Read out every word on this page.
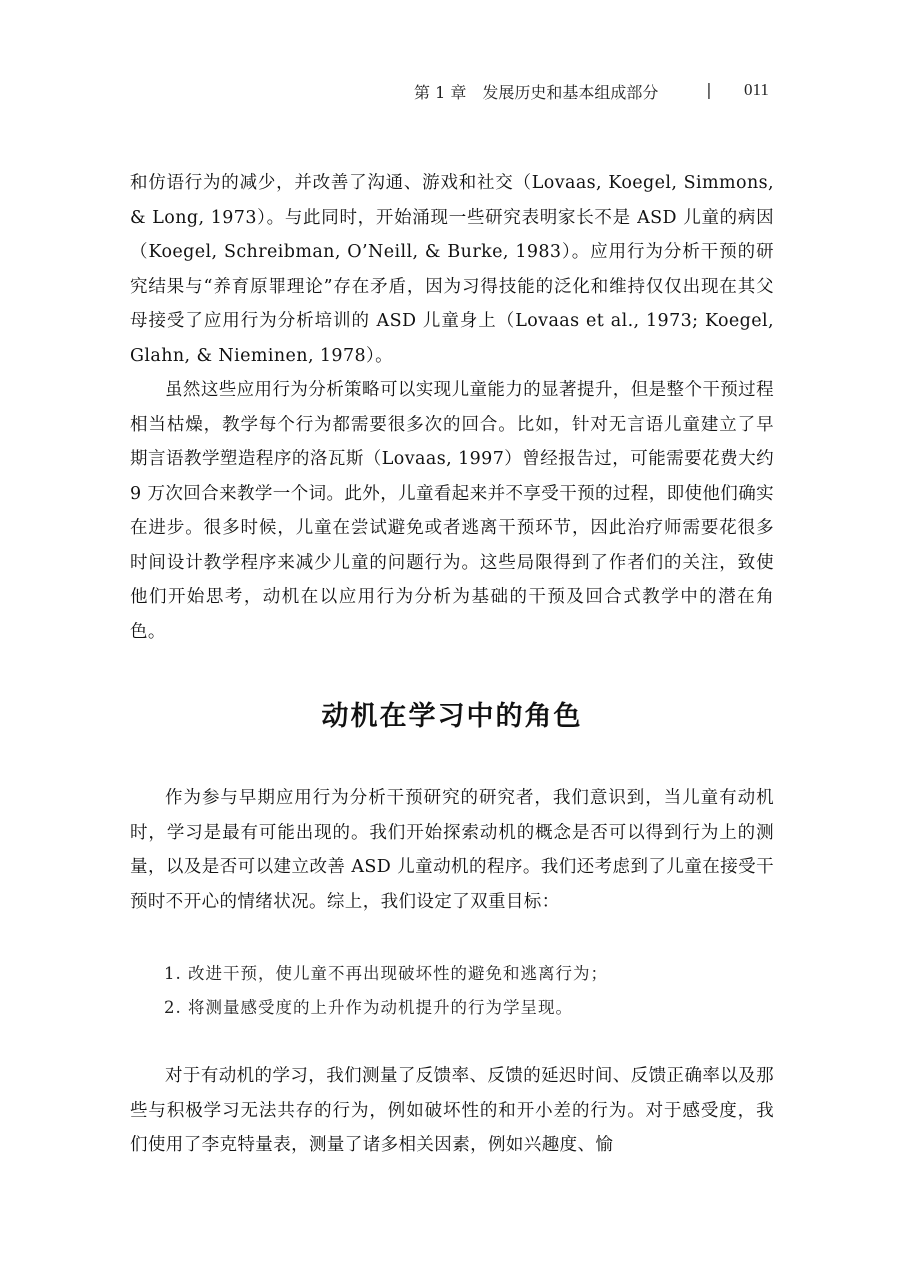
第 1 章　发展历史和基本组成部分	| 011

和仿语行为的减少，并改善了沟通、游戏和社交（Lovaas, Koegel, Simmons, & Long, 1973）。与此同时，开始涌现一些研究表明家长不是 ASD 儿童的病因（Koegel, Schreibman, O’Neill, & Burke, 1983）。应用行为分析干预的研究结果与“养育原罪理论”存在矛盾，因为习得技能的泛化和维持仅仅出现在其父母接受了应用行为分析培训的 ASD 儿童身上（Lovaas et al., 1973; Koegel, Glahn, & Nieminen, 1978）。

虽然这些应用行为分析策略可以实现儿童能力的显著提升，但是整个干预过程相当枯燥，教学每个行为都需要很多次的回合。比如，针对无言语儿童建立了早期言语教学塑造程序的洛瓦斯（Lovaas, 1997）曾经报告过，可能需要花费大约 9 万次回合来教学一个词。此外，儿童看起来并不享受干预的过程，即使他们确实在进步。很多时候，儿童在尝试避免或者逃离干预环节，因此治疗师需要花很多时间设计教学程序来减少儿童的问题行为。这些局限得到了作者们的关注，致使他们开始思考，动机在以应用行为分析为基础的干预及回合式教学中的潜在角色。

动机在学习中的角色

作为参与早期应用行为分析干预研究的研究者，我们意识到，当儿童有动机时，学习是最有可能出现的。我们开始探索动机的概念是否可以得到行为上的测量，以及是否可以建立改善 ASD 儿童动机的程序。我们还考虑到了儿童在接受干预时不开心的情绪状况。综上，我们设定了双重目标：

1. 改进干预，使儿童不再出现破坏性的避免和逃离行为；
2. 将测量感受度的上升作为动机提升的行为学呈现。

对于有动机的学习，我们测量了反馈率、反馈的延迟时间、反馈正确率以及那些与积极学习无法共存的行为，例如破坏性的和开小差的行为。对于感受度，我们使用了李克特量表，测量了诸多相关因素，例如兴趣度、愉
